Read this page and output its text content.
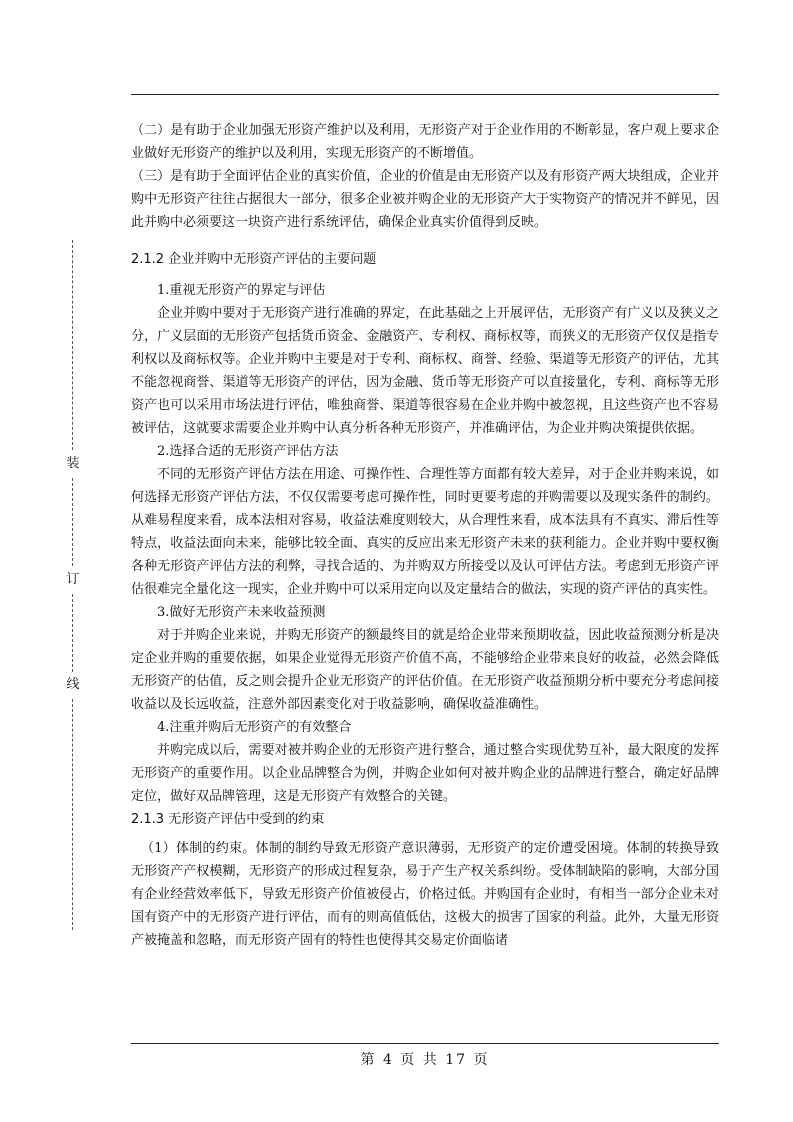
装
订
线

（二）是有助于企业加强无形资产维护以及利用，无形资产对于企业作用的不断彰显，客户观上要求企业做好无形资产的维护以及利用，实现无形资产的不断增值。

（三）是有助于全面评估企业的真实价值，企业的价值是由无形资产以及有形资产两大块组成，企业并购中无形资产往往占据很大一部分，很多企业被并购企业的无形资产大于实物资产的情况并不鲜见，因此并购中必须要这一块资产进行系统评估，确保企业真实价值得到反映。

2.1.2 企业并购中无形资产评估的主要问题

1.重视无形资产的界定与评估

企业并购中要对于无形资产进行准确的界定，在此基础之上开展评估，无形资产有广义以及狭义之分，广义层面的无形资产包括货币资金、金融资产、专利权、商标权等，而狭义的无形资产仅仅是指专利权以及商标权等。企业并购中主要是对于专利、商标权、商誉、经验、渠道等无形资产的评估，尤其不能忽视商誉、渠道等无形资产的评估，因为金融、货币等无形资产可以直接量化，专利、商标等无形资产也可以采用市场法进行评估，唯独商誉、渠道等很容易在企业并购中被忽视，且这些资产也不容易被评估，这就要求需要企业并购中认真分析各种无形资产，并准确评估，为企业并购决策提供依据。

2.选择合适的无形资产评估方法

不同的无形资产评估方法在用途、可操作性、合理性等方面都有较大差异，对于企业并购来说，如何选择无形资产评估方法，不仅仅需要考虑可操作性，同时更要考虑的并购需要以及现实条件的制约。从难易程度来看，成本法相对容易，收益法难度则较大，从合理性来看，成本法具有不真实、滞后性等特点，收益法面向未来，能够比较全面、真实的反应出来无形资产未来的获利能力。企业并购中要权衡各种无形资产评估方法的利弊，寻找合适的、为并购双方所接受以及认可评估方法。考虑到无形资产评估很难完全量化这一现实，企业并购中可以采用定向以及定量结合的做法，实现的资产评估的真实性。

3.做好无形资产未来收益预测

对于并购企业来说，并购无形资产的额最终目的就是给企业带来预期收益，因此收益预测分析是决定企业并购的重要依据，如果企业觉得无形资产价值不高，不能够给企业带来良好的收益，必然会降低无形资产的估值，反之则会提升企业无形资产的评估价值。在无形资产收益预期分析中要充分考虑间接收益以及长远收益，注意外部因素变化对于收益影响，确保收益准确性。

4.注重并购后无形资产的有效整合

并购完成以后，需要对被并购企业的无形资产进行整合，通过整合实现优势互补，最大限度的发挥无形资产的重要作用。以企业品牌整合为例，并购企业如何对被并购企业的品牌进行整合，确定好品牌定位，做好双品牌管理，这是无形资产有效整合的关键。

2.1.3 无形资产评估中受到的约束

（1）体制的约束。体制的制约导致无形资产意识薄弱，无形资产的定价遭受困境。体制的转换导致无形资产产权模糊，无形资产的形成过程复杂，易于产生产权关系纠纷。受体制缺陷的影响，大部分国有企业经营效率低下，导致无形资产价值被侵占，价格过低。并购国有企业时，有相当一部分企业未对国有资产中的无形资产进行评估，而有的则高值低估，这极大的损害了国家的利益。此外，大量无形资产被掩盖和忽略，而无形资产固有的特性也使得其交易定价面临诸

第 4 页 共 17 页
